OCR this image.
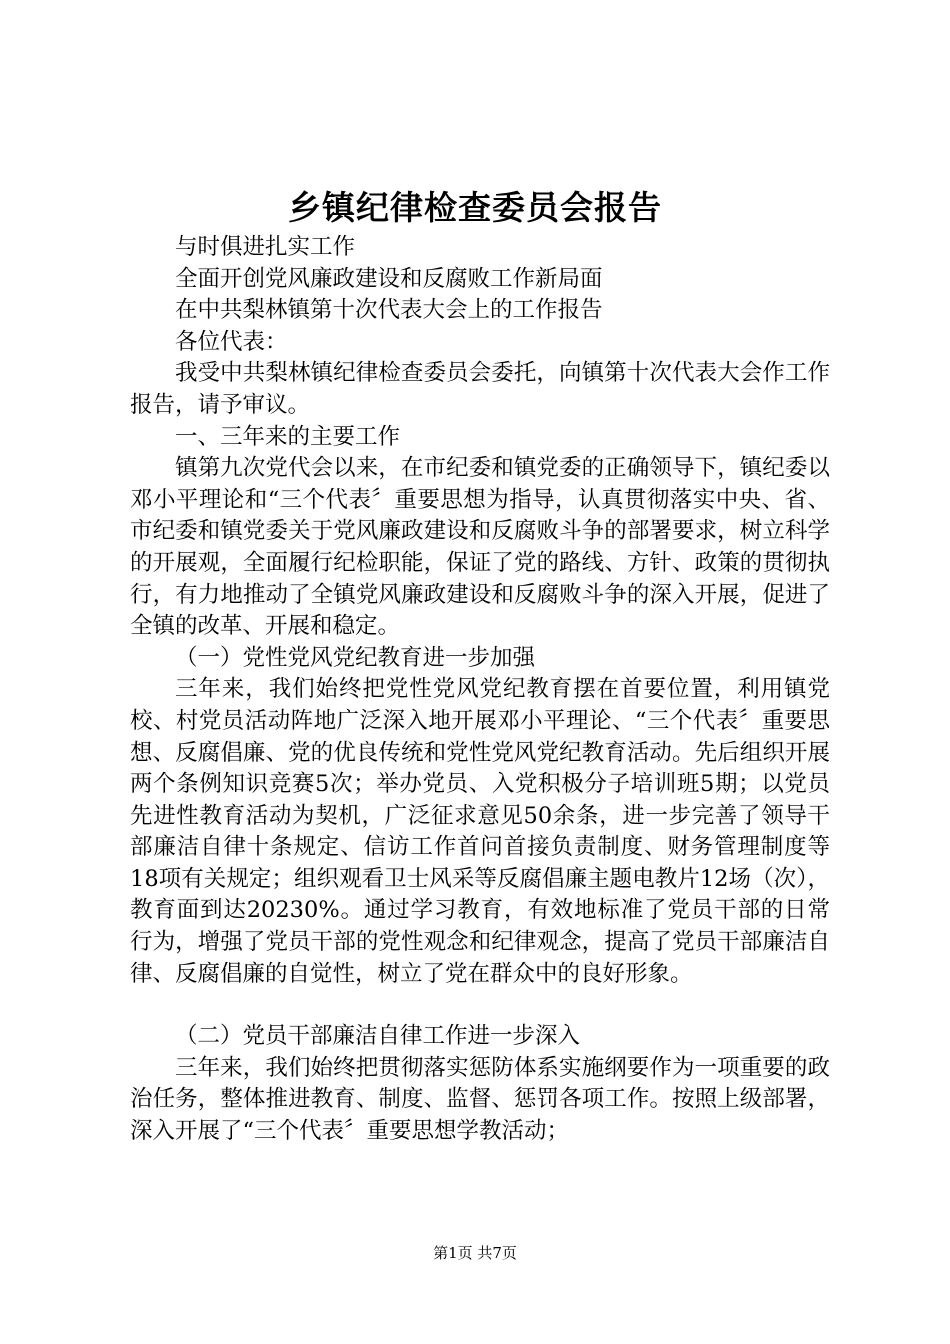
乡镇纪律检查委员会报告

与时俱进扎实工作

全面开创党风廉政建设和反腐败工作新局面

在中共梨林镇第十次代表大会上的工作报告

各位代表：

我受中共梨林镇纪律检查委员会委托，向镇第十次代表大会作工作报告，请予审议。

一、三年来的主要工作

镇第九次党代会以来，在市纪委和镇党委的正确领导下，镇纪委以邓小平理论和“三个代表〞重要思想为指导，认真贯彻落实中央、省、市纪委和镇党委关于党风廉政建设和反腐败斗争的部署要求，树立科学的开展观，全面履行纪检职能，保证了党的路线、方针、政策的贯彻执行，有力地推动了全镇党风廉政建设和反腐败斗争的深入开展，促进了全镇的改革、开展和稳定。

（一）党性党风党纪教育进一步加强

三年来，我们始终把党性党风党纪教育摆在首要位置，利用镇党校、村党员活动阵地广泛深入地开展邓小平理论、“三个代表〞重要思想、反腐倡廉、党的优良传统和党性党风党纪教育活动。先后组织开展两个条例知识竞赛5次；举办党员、入党积极分子培训班5期；以党员先进性教育活动为契机，广泛征求意见50余条，进一步完善了领导干部廉洁自律十条规定、信访工作首问首接负责制度、财务管理制度等18项有关规定；组织观看卫士风采等反腐倡廉主题电教片12场（次），教育面到达20230%。通过学习教育，有效地标准了党员干部的日常行为，增强了党员干部的党性观念和纪律观念，提高了党员干部廉洁自律、反腐倡廉的自觉性，树立了党在群众中的良好形象。

（二）党员干部廉洁自律工作进一步深入

三年来，我们始终把贯彻落实惩防体系实施纲要作为一项重要的政治任务，整体推进教育、制度、监督、惩罚各项工作。按照上级部署，深入开展了“三个代表〞重要思想学教活动；

第1页 共7页
